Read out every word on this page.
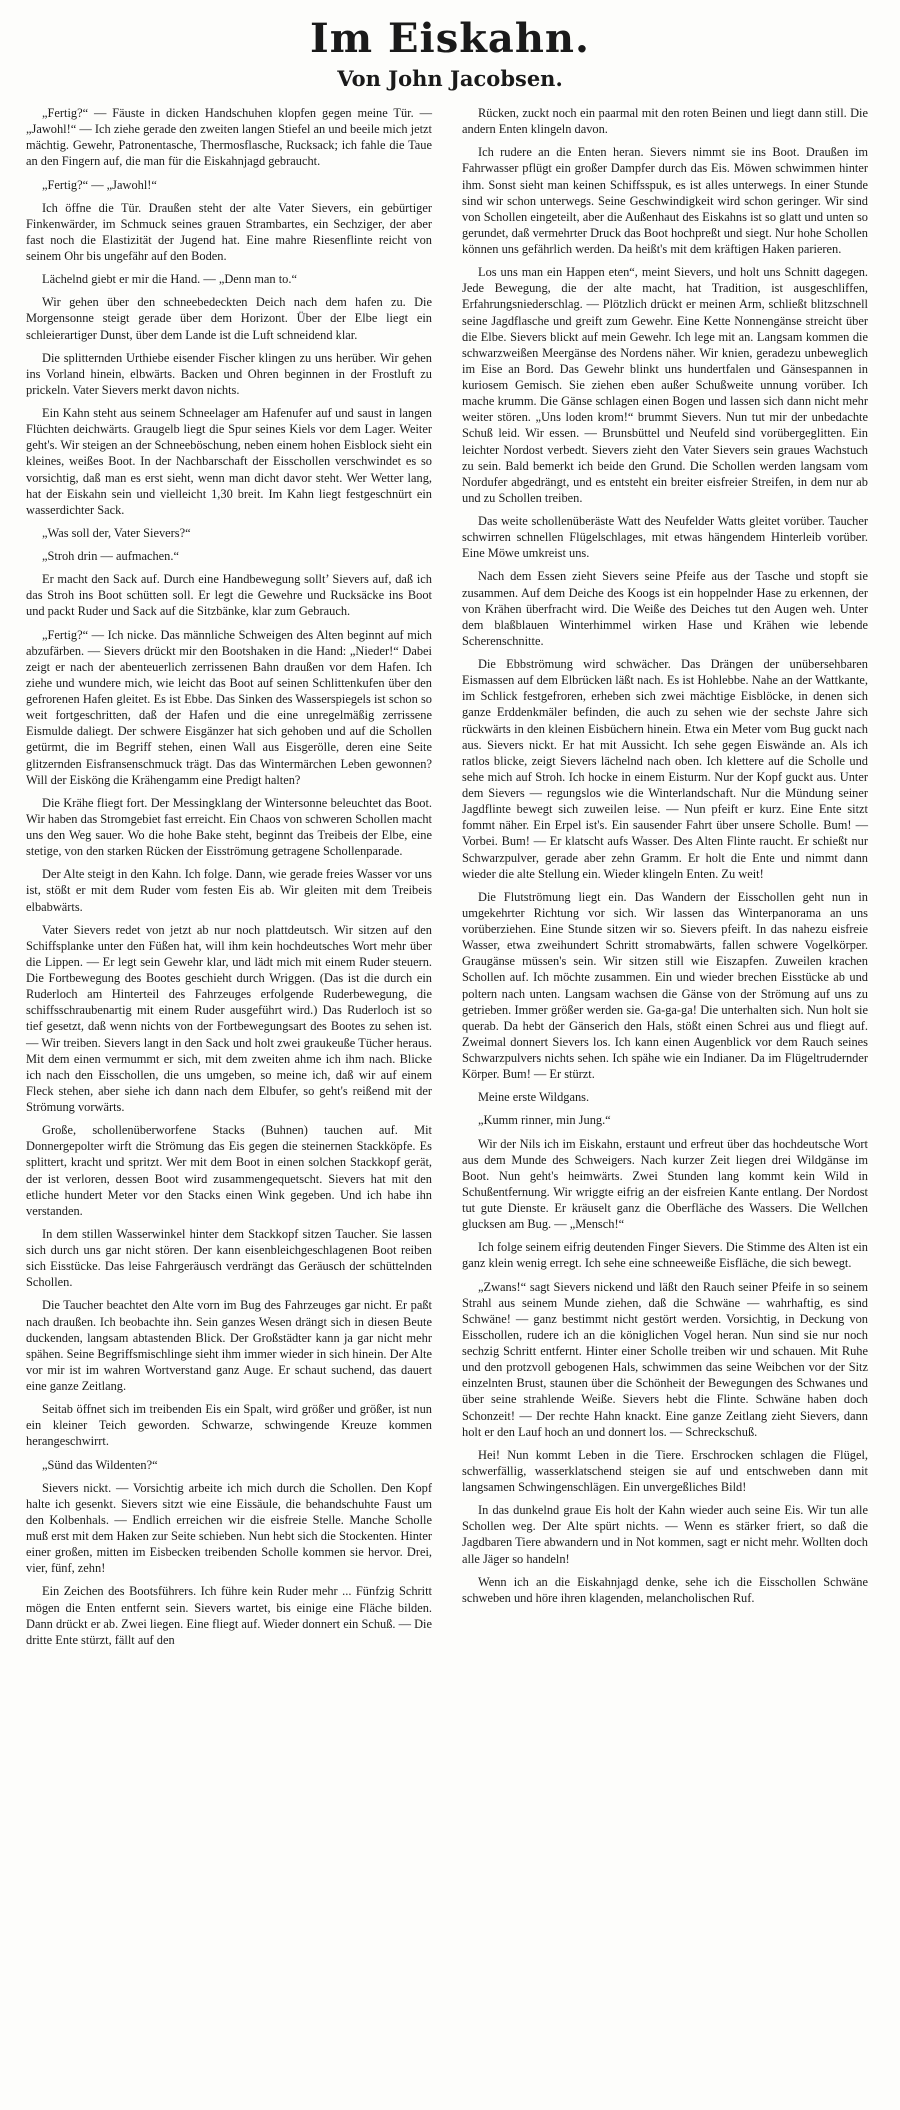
Im Eiskahn.
Von John Jacobsen.

„Fertig?“ — Fäuste in dicken Handschuhen klopfen gegen meine Tür. — „Jawohl!“ — Ich ziehe gerade den zweiten langen Stiefel an und beeile mich jetzt mächtig. Gewehr, Patronentasche, Thermosflasche, Rucksack; ich fahle die Taue an den Fingern auf, die man für die Eiskahnjagd gebraucht.

„Fertig?“ — „Jawohl!“

Ich öffne die Tür. Draußen steht der alte Vater Sievers, ein gebürtiger Finkenwärder, im Schmuck seines grauen Strambartes, ein Sechziger, der aber fast noch die Elastizität der Jugend hat. Eine mahre Riesenflinte reicht von seinem Ohr bis ungefähr auf den Boden.

Lächelnd giebt er mir die Hand. — „Denn man to.“

Wir gehen über den schneebedeckten Deich nach dem hafen zu. Die Morgensonne steigt gerade über dem Horizont. Über der Elbe liegt ein schleierartiger Dunst, über dem Lande ist die Luft schneidend klar.

Die splitternden Urthiebe eisender Fischer klingen zu uns herüber. Wir gehen ins Vorland hinein, elbwärts. Backen und Ohren beginnen in der Frostluft zu prickeln. Vater Sievers merkt davon nichts.

Ein Kahn steht aus seinem Schneelager am Hafenufer auf und saust in langen Flüchten deichwärts. Graugelb liegt die Spur seines Kiels vor dem Lager. Weiter geht's. Wir steigen an der Schneeböschung, neben einem hohen Eisblock sieht ein kleines, weißes Boot. In der Nachbarschaft der Eisschollen verschwindet es so vorsichtig, daß man es erst sieht, wenn man dicht davor steht. Wer Wetter lang, hat der Eiskahn sein und vielleicht 1,30 breit. Im Kahn liegt festgeschnürt ein wasserdichter Sack.

„Was soll der, Vater Sievers?“

„Stroh drin — aufmachen.“

Er macht den Sack auf. Durch eine Handbewegung sollt’ Sievers auf, daß ich das Stroh ins Boot schütten soll. Er legt die Gewehre und Rucksäcke ins Boot und packt Ruder und Sack auf die Sitzbänke, klar zum Gebrauch.

„Fertig?“ — Ich nicke. Das männliche Schweigen des Alten beginnt auf mich abzufärben. — Sievers drückt mir den Bootshaken in die Hand: „Nieder!“ Dabei zeigt er nach der abenteuerlich zerrissenen Bahn draußen vor dem Hafen. Ich ziehe und wundere mich, wie leicht das Boot auf seinen Schlittenkufen über den gefrorenen Hafen gleitet. Es ist Ebbe. Das Sinken des Wasserspiegels ist schon so weit fortgeschritten, daß der Hafen und die eine unregelmäßig zerrissene Eismulde daliegt. Der schwere Eisgänzer hat sich gehoben und auf die Schollen getürmt, die im Begriff stehen, einen Wall aus Eisgerölle, deren eine Seite glitzernden Eisfransenschmuck trägt. Das das Wintermärchen Leben gewonnen? Will der Eisköng die Krähengamm eine Predigt halten?

Die Krähe fliegt fort. Der Messingklang der Wintersonne beleuchtet das Boot. Wir haben das Stromgebiet fast erreicht. Ein Chaos von schweren Schollen macht uns den Weg sauer. Wo die hohe Bake steht, beginnt das Treibeis der Elbe, eine stetige, von den starken Rücken der Eisströmung getragene Schollenparade.

Der Alte steigt in den Kahn. Ich folge. Dann, wie gerade freies Wasser vor uns ist, stößt er mit dem Ruder vom festen Eis ab. Wir gleiten mit dem Treibeis elbabwärts.

Vater Sievers redet von jetzt ab nur noch plattdeutsch. Wir sitzen auf den Schiffsplanke unter den Füßen hat, will ihm kein hochdeutsches Wort mehr über die Lippen. — Er legt sein Gewehr klar, und lädt mich mit einem Ruder steuern. Die Fortbewegung des Bootes geschieht durch Wriggen. (Das ist die durch ein Ruderloch am Hinterteil des Fahrzeuges erfolgende Ruderbewegung, die schiffsschraubenartig mit einem Ruder ausgeführt wird.) Das Ruderloch ist so tief gesetzt, daß wenn nichts von der Fortbewegungsart des Bootes zu sehen ist. — Wir treiben. Sievers langt in den Sack und holt zwei graukeuße Tücher heraus. Mit dem einen vermummt er sich, mit dem zweiten ahme ich ihm nach. Blicke ich nach den Eisschollen, die uns umgeben, so meine ich, daß wir auf einem Fleck stehen, aber siehe ich dann nach dem Elbufer, so geht's reißend mit der Strömung vorwärts.

Große, schollenüberworfene Stacks (Buhnen) tauchen auf. Mit Donnergepolter wirft die Strömung das Eis gegen die steinernen Stackköpfe. Es splittert, kracht und spritzt. Wer mit dem Boot in einen solchen Stackkopf gerät, der ist verloren, dessen Boot wird zusammengequetscht. Sievers hat mit den etliche hundert Meter vor den Stacks einen Wink gegeben. Und ich habe ihn verstanden.

In dem stillen Wasserwinkel hinter dem Stackkopf sitzen Taucher. Sie lassen sich durch uns gar nicht stören. Der kann eisenbleichgeschlagenen Boot reiben sich Eisstücke. Das leise Fahrgeräusch verdrängt das Geräusch der schüttelnden Schollen.

Die Taucher beachtet den Alte vorn im Bug des Fahrzeuges gar nicht. Er paßt nach draußen. Ich beobachte ihn. Sein ganzes Wesen drängt sich in diesen Beute duckenden, langsam abtastenden Blick. Der Großstädter kann ja gar nicht mehr spähen. Seine Begriffsmischlinge sieht ihm immer wieder in sich hinein. Der Alte vor mir ist im wahren Wortverstand ganz Auge. Er schaut suchend, das dauert eine ganze Zeitlang.

Seitab öffnet sich im treibenden Eis ein Spalt, wird größer und größer, ist nun ein kleiner Teich geworden. Schwarze, schwingende Kreuze kommen herangeschwirrt.

„Sünd das Wildenten?“

Sievers nickt. — Vorsichtig arbeite ich mich durch die Schollen. Den Kopf halte ich gesenkt. Sievers sitzt wie eine Eissäule, die behandschuhte Faust um den Kolbenhals. — Endlich erreichen wir die eisfreie Stelle. Manche Scholle muß erst mit dem Haken zur Seite schieben. Nun hebt sich die Stockenten. Hinter einer großen, mitten im Eisbecken treibenden Scholle kommen sie hervor. Drei, vier, fünf, zehn!

Ein Zeichen des Bootsführers. Ich führe kein Ruder mehr ... Fünfzig Schritt mögen die Enten entfernt sein. Sievers wartet, bis einige eine Fläche bilden. Dann drückt er ab. Zwei liegen. Eine fliegt auf. Wieder donnert ein Schuß. — Die dritte Ente stürzt, fällt auf den

Rücken, zuckt noch ein paarmal mit den roten Beinen und liegt dann still. Die andern Enten klingeln davon.

Ich rudere an die Enten heran. Sievers nimmt sie ins Boot. Draußen im Fahrwasser pflügt ein großer Dampfer durch das Eis. Möwen schwimmen hinter ihm. Sonst sieht man keinen Schiffsspuk, es ist alles unterwegs. In einer Stunde sind wir schon unterwegs. Seine Geschwindigkeit wird schon geringer. Wir sind von Schollen eingeteilt, aber die Außenhaut des Eiskahns ist so glatt und unten so gerundet, daß vermehrter Druck das Boot hochpreßt und siegt. Nur hohe Schollen können uns gefährlich werden. Da heißt's mit dem kräftigen Haken parieren.

Los uns man ein Happen eten“, meint Sievers, und holt uns Schnitt dagegen. Jede Bewegung, die der alte macht, hat Tradition, ist ausgeschliffen, Erfahrungsniederschlag. — Plötzlich drückt er meinen Arm, schließt blitzschnell seine Jagdflasche und greift zum Gewehr. Eine Kette Nonnengänse streicht über die Elbe. Sievers blickt auf mein Gewehr. Ich lege mit an. Langsam kommen die schwarzweißen Meergänse des Nordens näher. Wir knien, geradezu unbeweglich im Eise an Bord. Das Gewehr blinkt uns hundertfalen und Gänsespannen in kuriosem Gemisch. Sie ziehen eben außer Schußweite unnung vorüber. Ich mache krumm. Die Gänse schlagen einen Bogen und lassen sich dann nicht mehr weiter stören. „Uns loden krom!“ brummt Sievers. Nun tut mir der unbedachte Schuß leid. Wir essen. — Brunsbüttel und Neufeld sind vorübergeglitten. Ein leichter Nordost verbedt. Sievers zieht den Vater Sievers sein graues Wachstuch zu sein. Bald bemerkt ich beide den Grund. Die Schollen werden langsam vom Nordufer abgedrängt, und es entsteht ein breiter eisfreier Streifen, in dem nur ab und zu Schollen treiben.

Das weite schollenüberäste Watt des Neufelder Watts gleitet vorüber. Taucher schwirren schnellen Flügelschlages, mit etwas hängendem Hinterleib vorüber. Eine Möwe umkreist uns.

Nach dem Essen zieht Sievers seine Pfeife aus der Tasche und stopft sie zusammen. Auf dem Deiche des Koogs ist ein hoppelnder Hase zu erkennen, der von Krähen überfracht wird. Die Weiße des Deiches tut den Augen weh. Unter dem blaßblauen Winterhimmel wirken Hase und Krähen wie lebende Scherenschnitte.

Die Ebbströmung wird schwächer. Das Drängen der unübersehbaren Eismassen auf dem Elbrücken läßt nach. Es ist Hohlebbe. Nahe an der Wattkante, im Schlick festgefroren, erheben sich zwei mächtige Eisblöcke, in denen sich ganze Erddenkmäler befinden, die auch zu sehen wie der sechste Jahre sich rückwärts in den kleinen Eisbüchern hinein. Etwa ein Meter vom Bug guckt nach aus. Sievers nickt. Er hat mit Aussicht. Ich sehe gegen Eiswände an. Als ich ratlos blicke, zeigt Sievers lächelnd nach oben. Ich klettere auf die Scholle und sehe mich auf Stroh. Ich hocke in einem Eisturm. Nur der Kopf guckt aus. Unter dem Sievers — regungslos wie die Winterlandschaft. Nur die Mündung seiner Jagdflinte bewegt sich zuweilen leise. — Nun pfeift er kurz. Eine Ente sitzt fommt näher. Ein Erpel ist's. Ein sausender Fahrt über unsere Scholle. Bum! — Vorbei. Bum! — Er klatscht aufs Wasser. Des Alten Flinte raucht. Er schießt nur Schwarzpulver, gerade aber zehn Gramm. Er holt die Ente und nimmt dann wieder die alte Stellung ein. Wieder klingeln Enten. Zu weit!

Die Flutströmung liegt ein. Das Wandern der Eisschollen geht nun in umgekehrter Richtung vor sich. Wir lassen das Winterpanorama an uns vorüberziehen. Eine Stunde sitzen wir so. Sievers pfeift. In das nahezu eisfreie Wasser, etwa zweihundert Schritt stromabwärts, fallen schwere Vogelkörper. Graugänse müssen's sein. Wir sitzen still wie Eiszapfen. Zuweilen krachen Schollen auf. Ich möchte zusammen. Ein und wieder brechen Eisstücke ab und poltern nach unten. Langsam wachsen die Gänse von der Strömung auf uns zu getrieben. Immer größer werden sie. Ga-ga-ga! Die unterhalten sich. Nun holt sie querab. Da hebt der Gänserich den Hals, stößt einen Schrei aus und fliegt auf. Zweimal donnert Sievers los. Ich kann einen Augenblick vor dem Rauch seines Schwarzpulvers nichts sehen. Ich spähe wie ein Indianer. Da im Flügeltrudernder Körper. Bum! — Er stürzt.

Meine erste Wildgans.

„Kumm rinner, min Jung.“

Wir der Nils ich im Eiskahn, erstaunt und erfreut über das hochdeutsche Wort aus dem Munde des Schweigers. Nach kurzer Zeit liegen drei Wildgänse im Boot. Nun geht's heimwärts. Zwei Stunden lang kommt kein Wild in Schußentfernung. Wir wriggte eifrig an der eisfreien Kante entlang. Der Nordost tut gute Dienste. Er kräuselt ganz die Oberfläche des Wassers. Die Wellchen glucksen am Bug. — „Mensch!“

Ich folge seinem eifrig deutenden Finger Sievers. Die Stimme des Alten ist ein ganz klein wenig erregt. Ich sehe eine schneeweiße Eisfläche, die sich bewegt.

„Zwans!“ sagt Sievers nickend und läßt den Rauch seiner Pfeife in so seinem Strahl aus seinem Munde ziehen, daß die Schwäne — wahrhaftig, es sind Schwäne! — ganz bestimmt nicht gestört werden. Vorsichtig, in Deckung von Eisschollen, rudere ich an die königlichen Vogel heran. Nun sind sie nur noch sechzig Schritt entfernt. Hinter einer Scholle treiben wir und schauen. Mit Ruhe und den protzvoll gebogenen Hals, schwimmen das seine Weibchen vor der Sitz einzelnten Brust, staunen über die Schönheit der Bewegungen des Schwanes und über seine strahlende Weiße. Sievers hebt die Flinte. Schwäne haben doch Schonzeit! — Der rechte Hahn knackt. Eine ganze Zeitlang zieht Sievers, dann holt er den Lauf hoch an und donnert los. — Schreckschuß.

Hei! Nun kommt Leben in die Tiere. Erschrocken schlagen die Flügel, schwerfällig, wasserklatschend steigen sie auf und entschweben dann mit langsamen Schwingenschlägen. Ein unvergeßliches Bild!

In das dunkelnd graue Eis holt der Kahn wieder auch seine Eis. Wir tun alle Schollen weg. Der Alte spürt nichts. — Wenn es stärker friert, so daß die Jagdbaren Tiere abwandern und in Not kommen, sagt er nicht mehr. Wollten doch alle Jäger so handeln!

Wenn ich an die Eiskahnjagd denke, sehe ich die Eisschollen Schwäne schweben und höre ihren klagenden, melancholischen Ruf.
